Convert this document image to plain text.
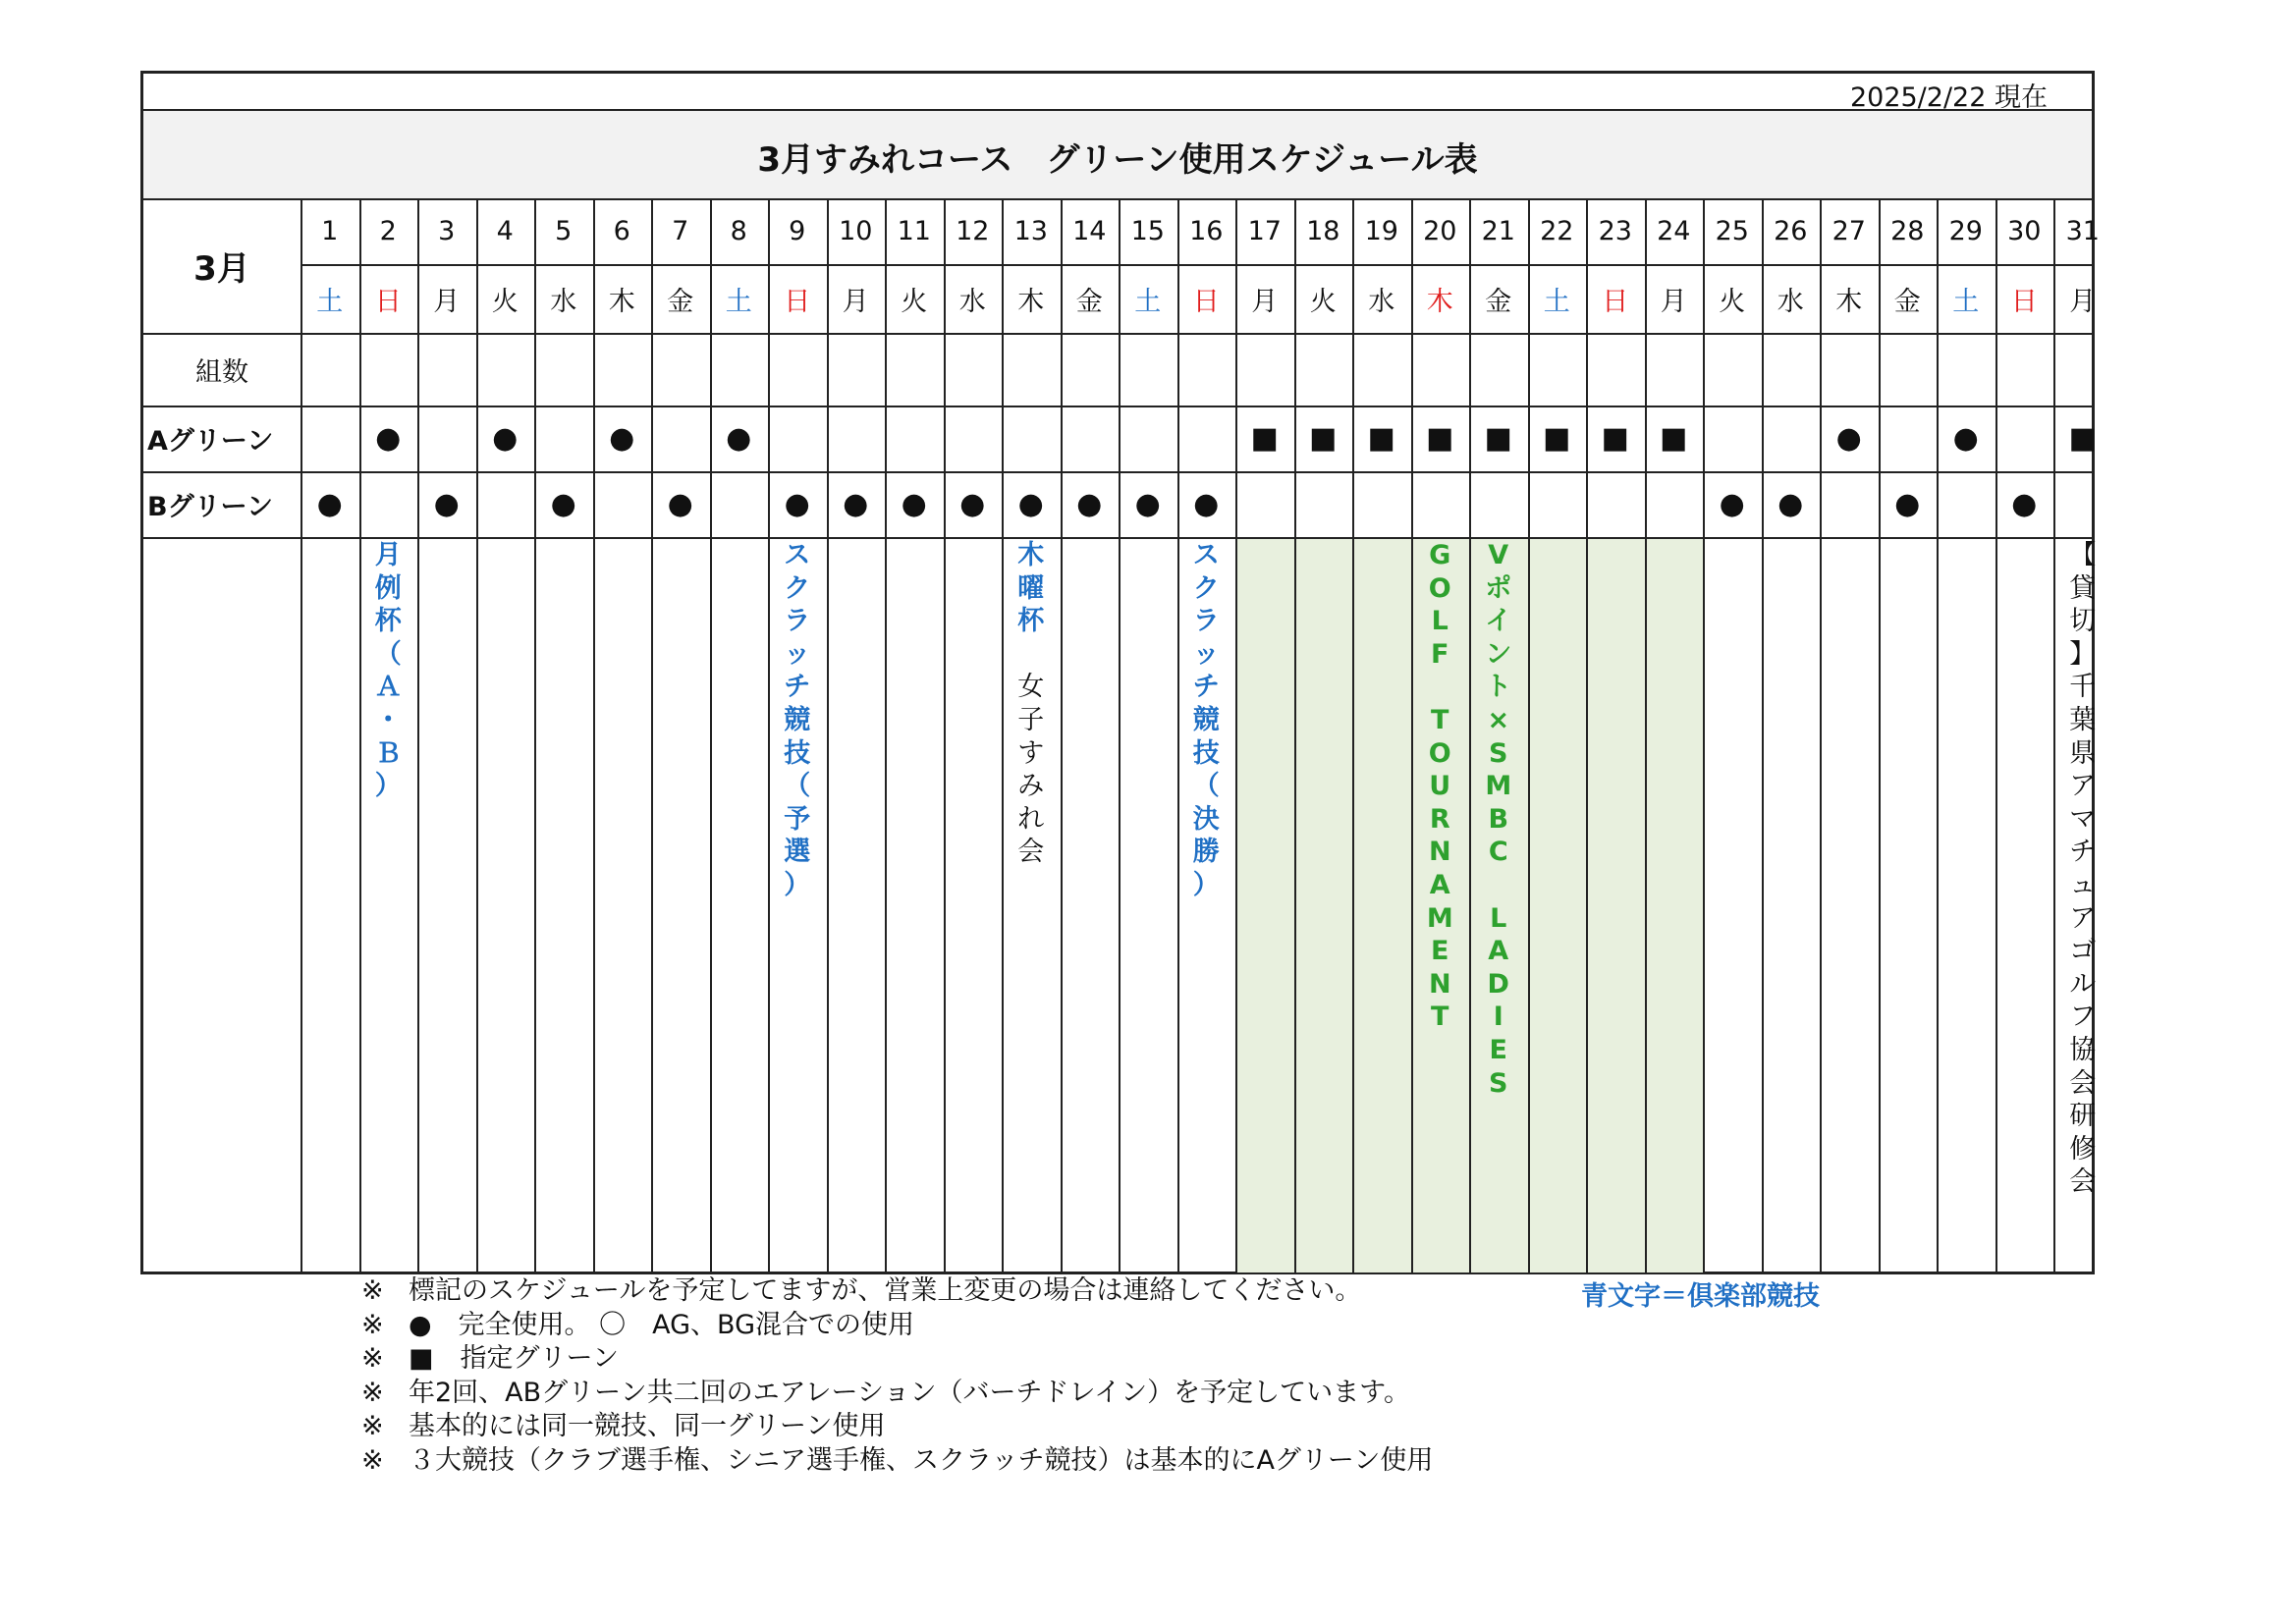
2025/2/22 現在
3月すみれコース　グリーン使用スケジュール表
3月
組数
Aグリーン
Bグリーン
1
土
●
2
日
●
3
月
●
4
火
●
5
水
●
6
木
●
7
金
●
8
土
●
9
日
●
10
月
●
11
火
●
12
水
●
13
木
●
14
金
●
15
土
●
16
日
●
17
月
■
18
火
■
19
水
■
20
木
■
21
金
■
22
土
■
23
日
■
24
月
■
25
火
●
26
水
●
27
木
●
28
金
●
29
土
●
30
日
●
31
月
■
月
例
杯
（
Ａ
・
Ｂ
）
ス
ク
ラ
ッ
チ
競
技
（
予
選
）
木
曜
杯
女
子
す
み
れ
会
ス
ク
ラ
ッ
チ
競
技
（
決
勝
）
G
O
L
F

T
O
U
R
N
A
M
E
N
T
V
ポ
イ
ン
ト
×
S
M
B
C

L
A
D
I
E
S
【
貸
切
】
千
葉
県
ア
マ
チ
ュ
ア
ゴ
ル
フ
協
会
研
修
会
※ 標記のスケジュールを予定してますが、営業上変更の場合は連絡してください。
※ ●　完全使用。 〇　AG、BG混合での使用
※ ■　指定グリーン
※ 年2回、ABグリーン共二回のエアレーション（バーチドレイン）を予定しています。
※ 基本的には同一競技、同一グリーン使用
※ ３大競技（クラブ選手権、シニア選手権、スクラッチ競技）は基本的にAグリーン使用
青文字＝倶楽部競技
